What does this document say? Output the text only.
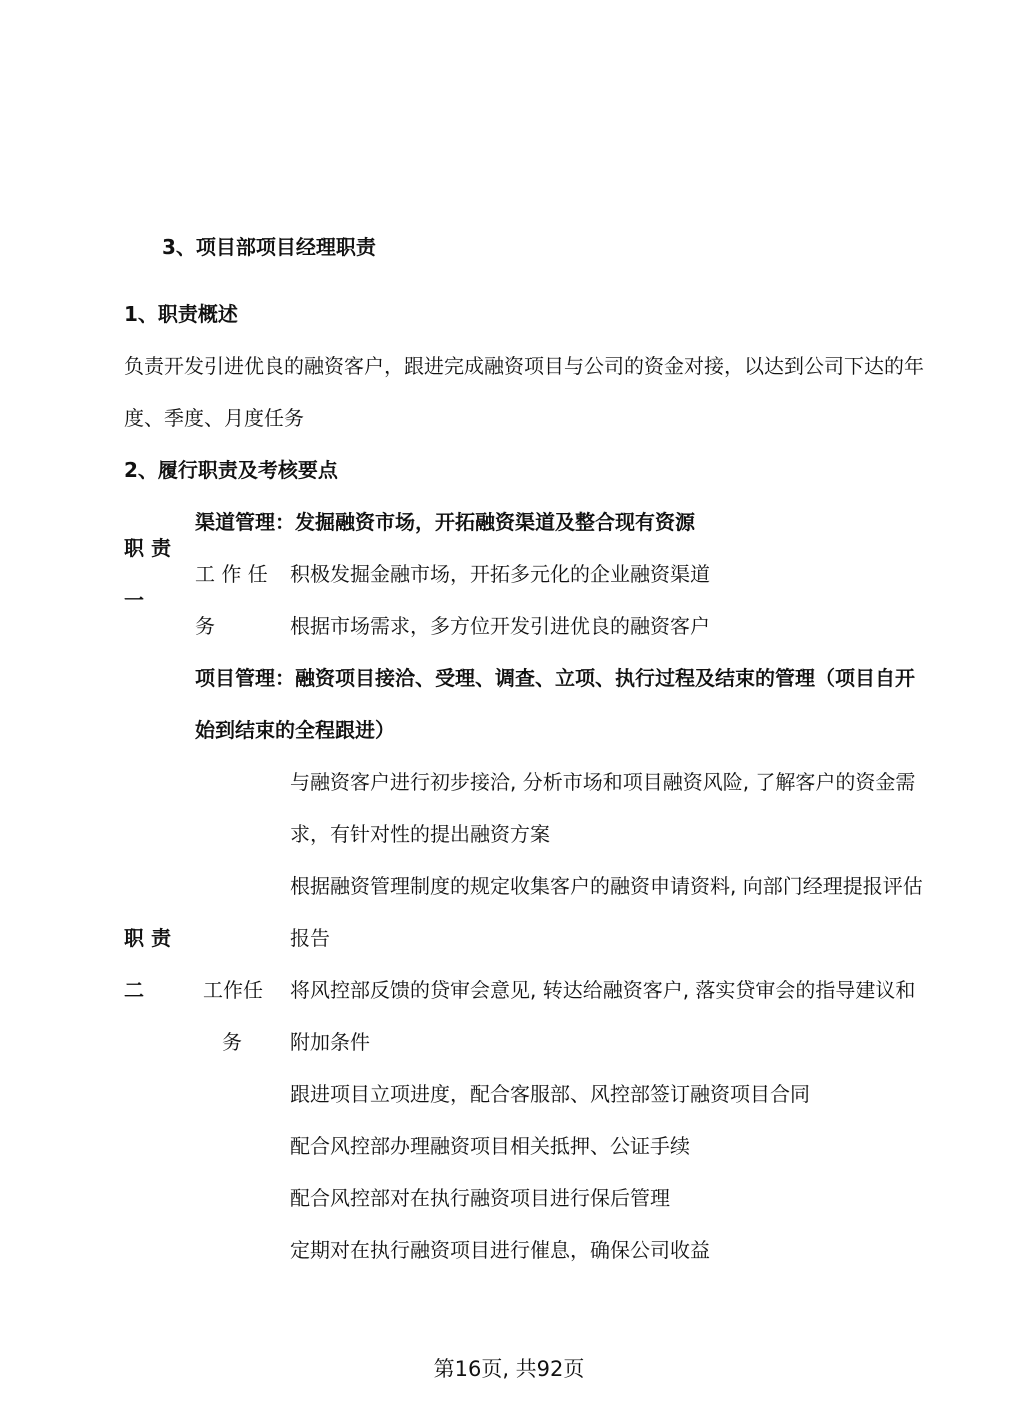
3、项目部项目经理职责
1、职责概述
负责开发引进优良的融资客户，跟进完成融资项目与公司的资金对接，以达到公司下达的年
度、季度、月度任务
2、履行职责及考核要点
渠道管理：发掘融资市场，开拓融资渠道及整合现有资源
职 责
一
工 作 任
务
积极发掘金融市场，开拓多元化的企业融资渠道
根据市场需求，多方位开发引进优良的融资客户
项目管理：融资项目接洽、受理、调查、立项、执行过程及结束的管理（项目自开
始到结束的全程跟进）
职 责
二	工作任
务
与融资客户进行初步接洽, 分析市场和项目融资风险, 了解客户的资金需
求，有针对性的提出融资方案
根据融资管理制度的规定收集客户的融资申请资料, 向部门经理提报评估
报告
将风控部反馈的贷审会意见, 转达给融资客户, 落实贷审会的指导建议和
附加条件
跟进项目立项进度，配合客服部、风控部签订融资项目合同
配合风控部办理融资项目相关抵押、公证手续
配合风控部对在执行融资项目进行保后管理
定期对在执行融资项目进行催息，确保公司收益
第16页, 共92页
